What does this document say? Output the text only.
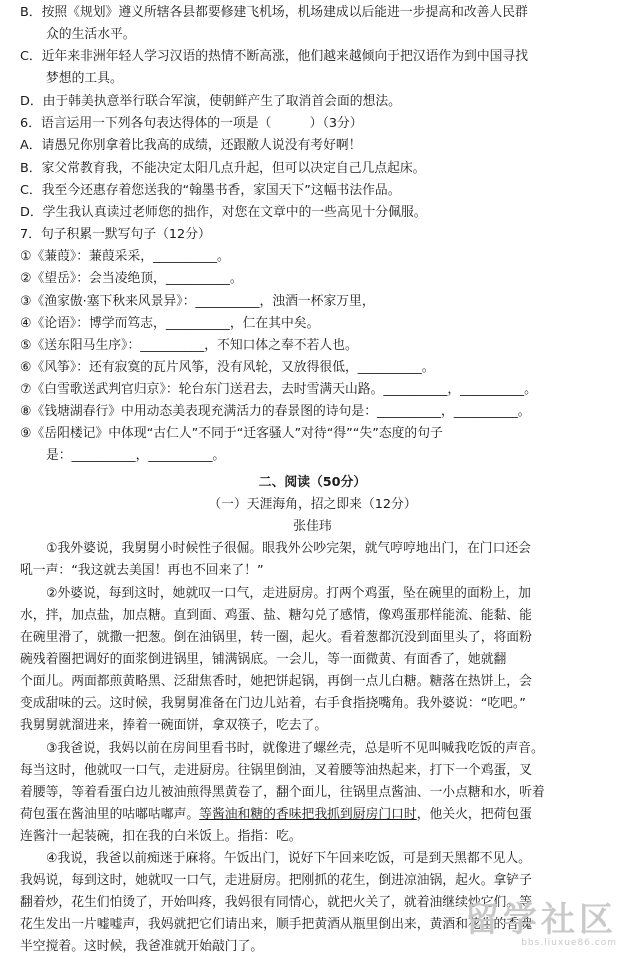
B．按照《规划》遵义所辖各县都要修建飞机场，机场建成以后能进一步提高和改善人民群
众的生活水平。
C．近年来非洲年轻人学习汉语的热情不断高涨，他们越来越倾向于把汉语作为到中国寻找
梦想的工具。
D．由于韩美执意举行联合军演，使朝鲜产生了取消首会面的想法。
6．语言运用一下列各句表达得体的一项是（　　　）（3分）
A．请愚兄你別拿着比我高的成绩，还跟敝人说没有考好啊！
B．家父常教育我，不能决定太阳几点升起，但可以决定自己几点起床。
C．我至今还惠存着您送我的“翰墨书香，家国天下”这幅书法作品。
D．学生我认真读过老师您的拙作，对您在文章中的一些高见十分佩服。
7．句子积累一默写句子（12分）
①《蒹葭》：蒹葭采采，__________。
②《望岳》：会当凌绝顶，__________。
③《渔家傲·塞下秋来风景异》：__________，浊酒一杯家万里，
④《论语》：博学而笃志，__________，仁在其中矣。
⑤《送东阳马生序》：__________，不知口体之奉不若人也。
⑥《风筝》：还有寂寞的瓦片风筝，没有风轮，又放得很低，__________。
⑦《白雪歌送武判官归京》：轮台东门送君去，去时雪满天山路。__________，__________。
⑧《钱塘湖春行》中用动态美表现充满活力的春景图的诗句是：__________，__________。
⑨《岳阳楼记》中体现“古仁人”不同于“迁客骚人”对待“得”“失”态度的句子
是：__________，__________。
二、阅读（50分）
（一）天涯海角，招之即来（12分）
张佳玮
①我外婆说，我舅舅小时候性子很倔。眼我外公吵完架，就气哼哼地出门，在门口还会
吼一声：“我这就去美国！再也不回来了！”
②外婆说，每到这时，她就叹一口气，走进厨房。打两个鸡蛋，坠在碗里的面粉上，加
水，拌，加点盐，加点糖。直到面、鸡蛋、盐、糖勾兑了感情，像鸡蛋那样能流、能黏、能
在碗里滑了，就撒一把葱。倒在油锅里，转一圈，起火。看着葱都沉没到面里头了，将面粉
碗残着圈把调好的面浆倒进锅里，铺满锅底。一会儿，等一面微黄、有面香了，她就翻
个面儿。两面都煎黄略黑、泛甜焦香时，她把饼起锅，再倒一点儿白糖。糖落在热饼上，会
变成甜味的云。这时候，我舅舅准备在门边儿站着，右手食指挠嘴角。我外婆说：“吃吧。”
我舅舅就溜进来，捧着一碗面饼，拿双筷子，吃去了。
③我爸说，我妈以前在房间里看书时，就像进了螺丝壳，总是听不见叫喊我吃饭的声音。
每当这时，他就叹一口气，走进厨房。往锅里倒油，叉着腰等油热起来，打下一个鸡蛋，叉
着腰等，等着看蛋白边儿被油煎得黑黄卷了，翻个面儿，往锅里点酱油、一小点糖和水，听着
荷包蛋在酱油里的咕嘟咕嘟声。等酱油和糖的香味把我抓到厨房门口时，他关火，把荷包蛋
连酱汁一起装碗，扣在我的白米饭上。指指：吃。
④我说，我爸以前痴迷于麻将。午饭出门，说好下午回来吃饭，可是到天黑都不见人。
我妈说，每到这时，她就叹一口气，走进厨房。把刚抓的花生，倒进凉油锅，起火。拿铲子
翻着炒，花生们怕烫了，开始叫疼，我妈很有同情心，就把火关了，就着油继续炒它们。等
花生发出一片嘘嘘声，我妈就把它们请出来，顺手把黄酒从瓶里倒出来，黄酒和花生的香魂
半空搅着。这时候，我爸准就开始敲门了。
留学社区
bbs.liuxue86.com
